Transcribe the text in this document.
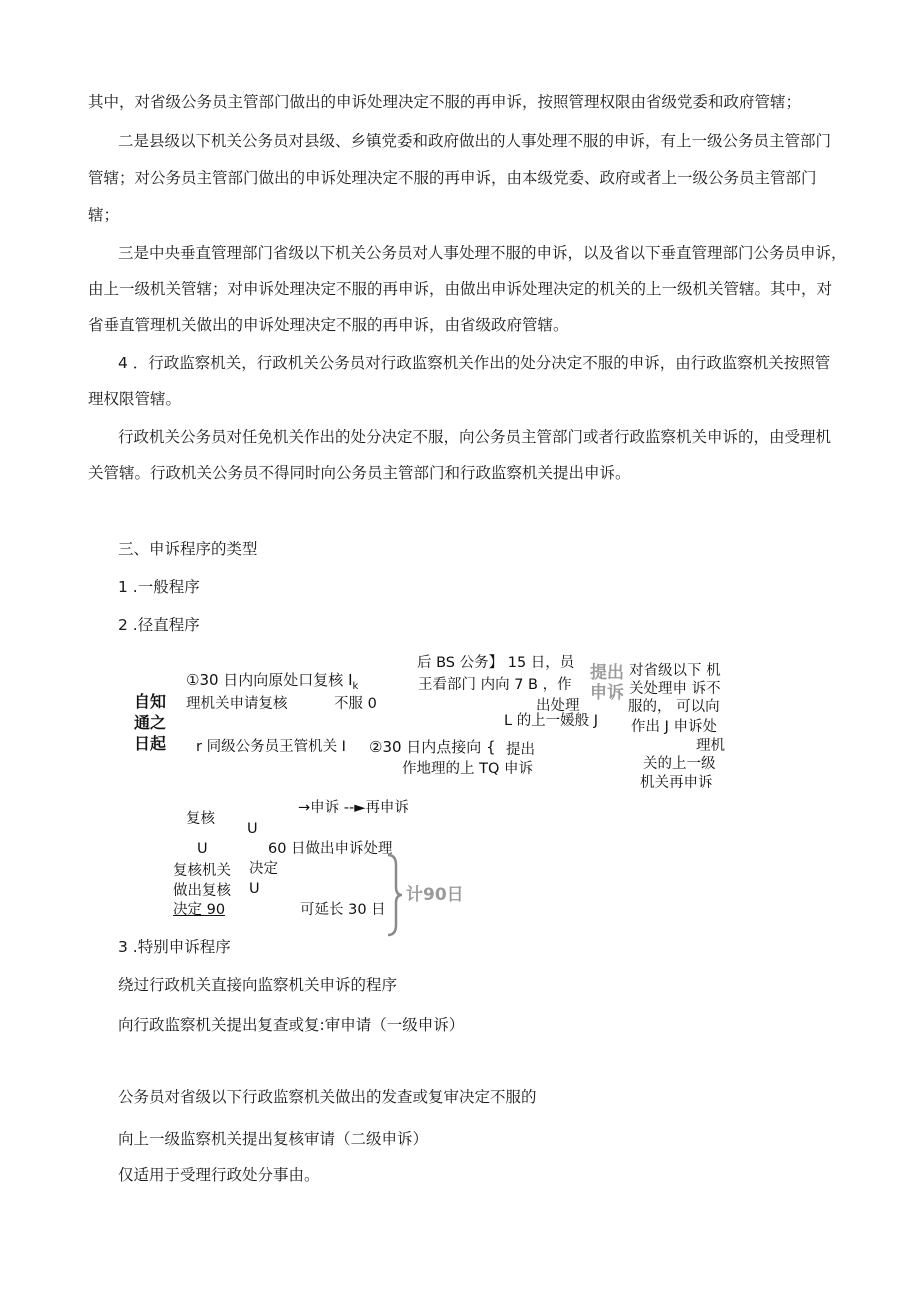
其中，对省级公务员主管部门做出的申诉处理决定不服的再申诉，按照管理权限由省级党委和政府管辖；
二是县级以下机关公务员对县级、乡镇党委和政府做出的人事处理不服的申诉，有上一级公务员主管部门
管辖；对公务员主管部门做出的申诉处理决定不服的再申诉，由本级党委、政府或者上一级公务员主管部门
辖；
三是中央垂直管理部门省级以下机关公务员对人事处理不服的申诉，以及省以下垂直管理部门公务员申诉，
由上一级机关管辖；对申诉处理决定不服的再申诉，由做出申诉处理决定的机关的上一级机关管辖。其中，对
省垂直管理机关做出的申诉处理决定不服的再申诉，由省级政府管辖。
4 ．行政监察机关，行政机关公务员对行政监察机关作出的处分决定不服的申诉，由行政监察机关按照管
理权限管辖。
行政机关公务员对任免机关作出的处分决定不服，向公务员主管部门或者行政监察机关申诉的，由受理机
关管辖。行政机关公务员不得同时向公务员主管部门和行政监察机关提出申诉。
三、申诉程序的类型
1 .一般程序
2 .径直程序
自知
通之
日起
①30 日内向原处口复核 $I_k$
理机关申请复核	不服 0
r 同级公务员王管机关 I
后 BS 公务】 15 日，员
王看部门 内向 7 B ，作
出处理
L 的上一媛般 J
②30 日内点接向 { 提出
作地理的上 TQ 申诉
提出
申诉
对省级以下 机
关处理申 诉不
服的， 可以向
作出 J 申诉处
理机
关的上一级
机关再申诉
复核
→申诉 --►再申诉
U
U	60 日做出申诉处理
决定
复核机关
做出复核 U
决定 90	可延长 30 日
计90日
3 .特别申诉程序
绕过行政机关直接向监察机关申诉的程序
向行政监察机关提出复查或复:审申请（一级申诉）
公务员对省级以下行政监察机关做出的发查或复审决定不服的
向上一级监察机关提出复核审请（二级申诉）
仅适用于受理行政处分事由。
